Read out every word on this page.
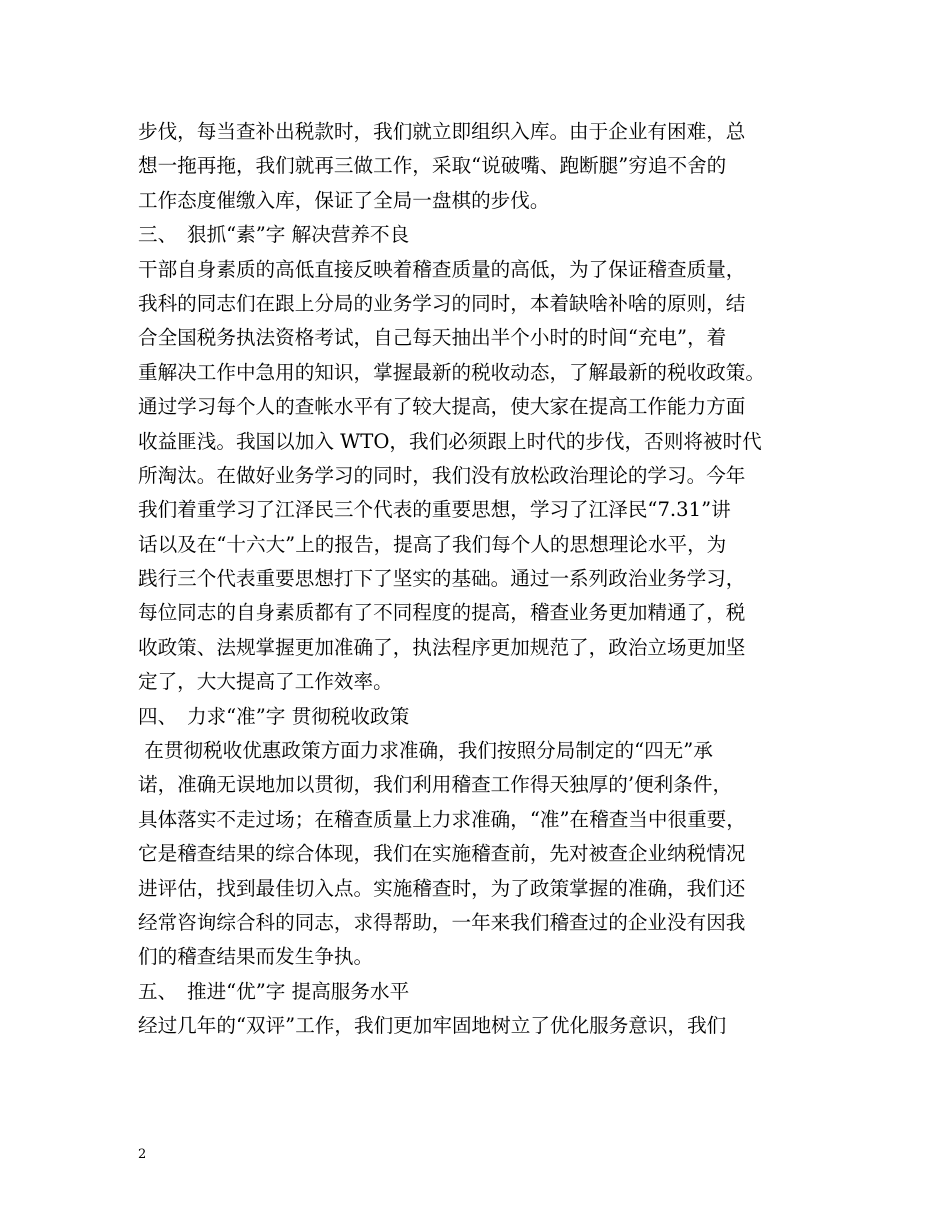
步伐，每当查补出税款时，我们就立即组织入库。由于企业有困难，总
想一拖再拖，我们就再三做工作，采取“说破嘴、跑断腿”穷追不舍的
工作态度催缴入库，保证了全局一盘棋的步伐。
三、　狠抓“素”字 解决营养不良
干部自身素质的高低直接反映着稽查质量的高低，为了保证稽查质量，
我科的同志们在跟上分局的业务学习的同时，本着缺啥补啥的原则，结
合全国税务执法资格考试，自己每天抽出半个小时的时间“充电”，着
重解决工作中急用的知识，掌握最新的税收动态，了解最新的税收政策。
通过学习每个人的查帐水平有了较大提高，使大家在提高工作能力方面
收益匪浅。我国以加入 WTO，我们必须跟上时代的步伐，否则将被时代
所淘汰。在做好业务学习的同时，我们没有放松政治理论的学习。今年
我们着重学习了江泽民三个代表的重要思想，学习了江泽民“7.31”讲
话以及在“十六大”上的报告，提高了我们每个人的思想理论水平，为
践行三个代表重要思想打下了坚实的基础。通过一系列政治业务学习，
每位同志的自身素质都有了不同程度的提高，稽查业务更加精通了，税
收政策、法规掌握更加准确了，执法程序更加规范了，政治立场更加坚
定了，大大提高了工作效率。
四、　力求“准”字 贯彻税收政策
在贯彻税收优惠政策方面力求准确，我们按照分局制定的“四无”承
诺，准确无误地加以贯彻，我们利用稽查工作得天独厚的’便利条件，
具体落实不走过场；在稽查质量上力求准确，“准”在稽查当中很重要，
它是稽查结果的综合体现，我们在实施稽查前，先对被查企业纳税情况
进评估，找到最佳切入点。实施稽查时，为了政策掌握的准确，我们还
经常咨询综合科的同志，求得帮助，一年来我们稽查过的企业没有因我
们的稽查结果而发生争执。
五、　推进“优”字 提高服务水平
经过几年的“双评”工作，我们更加牢固地树立了优化服务意识，我们
2
